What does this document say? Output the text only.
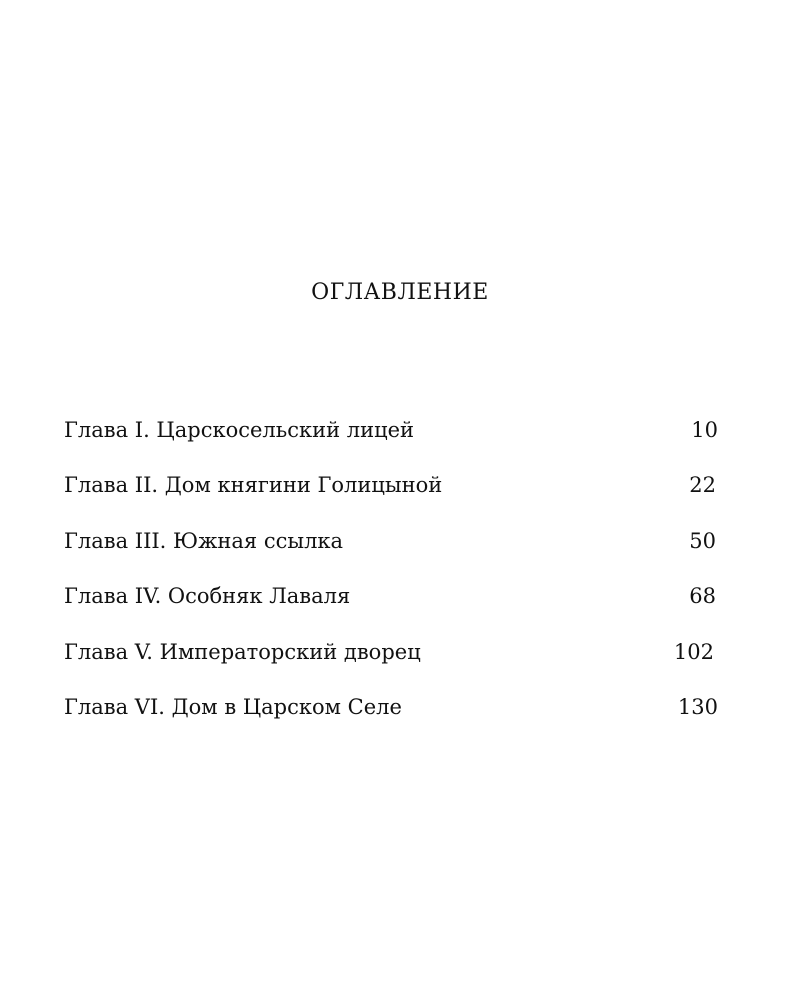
ОГЛАВЛЕНИЕ
Глава I. Царскосельский лицей	10
Глава II. Дом княгини Голицыной	22
Глава III. Южная ссылка	50
Глава IV. Особняк Лаваля	68
Глава V. Императорский дворец	102
Глава VI. Дом в Царском Селе	130
